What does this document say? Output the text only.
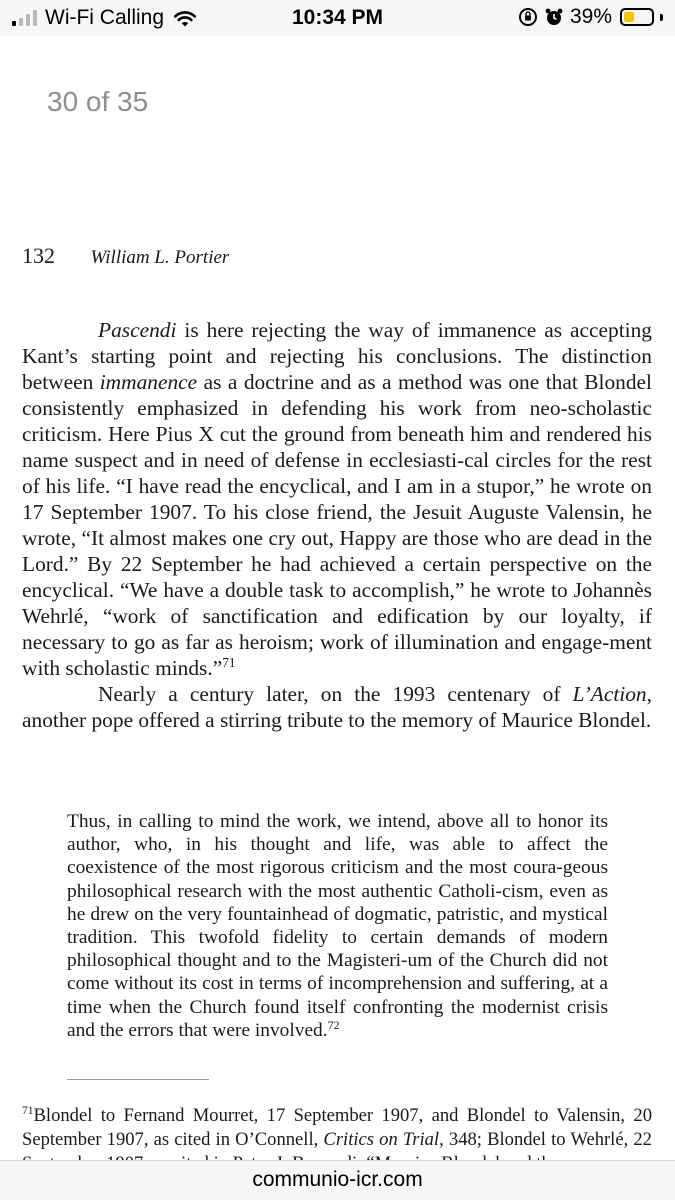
Wi-Fi Calling	10:34 PM	39%
132 William L. Portier

Pascendi is here rejecting the way of immanence as accepting Kant’s starting point and rejecting his conclusions. The distinction between immanence as a doctrine and as a method was one that Blondel consistently emphasized in defending his work from neo-scholastic criticism. Here Pius X cut the ground from beneath him and rendered his name suspect and in need of defense in ecclesiasti-cal circles for the rest of his life. “I have read the encyclical, and I am in a stupor,” he wrote on 17 September 1907. To his close friend, the Jesuit Auguste Valensin, he wrote, “It almost makes one cry out, Happy are those who are dead in the Lord.” By 22 September he had achieved a certain perspective on the encyclical. “We have a double task to accomplish,” he wrote to Johannès Wehrlé, “work of sanctification and edification by our loyalty, if necessary to go as far as heroism; work of illumination and engage-ment with scholastic minds.”$^{71}$

Nearly a century later, on the 1993 centenary of L’Action, another pope offered a stirring tribute to the memory of Maurice Blondel.

Thus, in calling to mind the work, we intend, above all to honor its author, who, in his thought and life, was able to affect the coexistence of the most rigorous criticism and the most coura-geous philosophical research with the most authentic Catholi-cism, even as he drew on the very fountainhead of dogmatic, patristic, and mystical tradition. This twofold fidelity to certain demands of modern philosophical thought and to the Magisteri-um of the Church did not come without its cost in terms of incomprehension and suffering, at a time when the Church found itself confronting the modernist crisis and the errors that were involved.$^{72}$
$^{71}$Blondel to Fernand Mourret, 17 September 1907, and Blondel to Valensin, 20 September 1907, as cited in O’Connell, Critics on Trial, 348; Blondel to Wehrlé, 22
30 of 35
communio-icr.com
